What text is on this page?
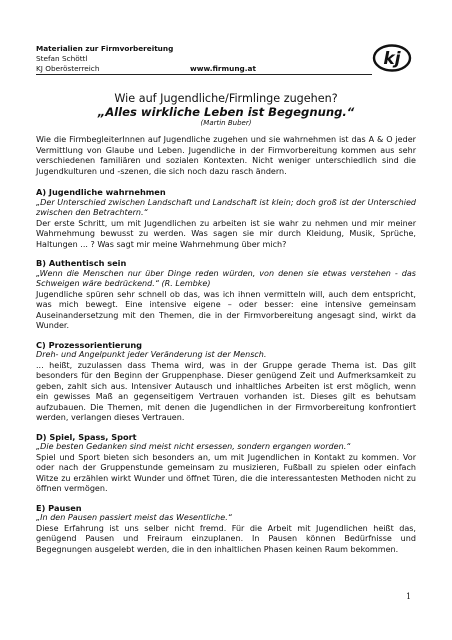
Materialien zur Firmvorbereitung
Stefan Schöttl
KJ Oberösterreich	www.firmung.at	kj
Wie auf Jugendliche/Firmlinge zugehen?
„Alles wirkliche Leben ist Begegnung.“
(Martin Buber)

Wie die FirmbegleiterInnen auf Jugendliche zugehen und sie wahrnehmen ist das A & O jeder Vermittlung von Glaube und Leben. Jugendliche in der Firmvorbereitung kommen aus sehr verschiedenen familiären und sozialen Kontexten. Nicht weniger unterschiedlich sind die Jugendkulturen und -szenen, die sich noch dazu rasch ändern.

A) Jugendliche wahrnehmen

„Der Unterschied zwischen Landschaft und Landschaft ist klein; doch groß ist der Unterschied zwischen den Betrachtern.“

Der erste Schritt, um mit Jugendlichen zu arbeiten ist sie wahr zu nehmen und mir meiner Wahrnehmung bewusst zu werden. Was sagen sie mir durch Kleidung, Musik, Sprüche, Haltungen ... ? Was sagt mir meine Wahrnehmung über mich?

B) Authentisch sein

„Wenn die Menschen nur über Dinge reden würden, von denen sie etwas verstehen - das Schweigen wäre bedrückend.“ (R. Lembke)

Jugendliche spüren sehr schnell ob das, was ich ihnen vermitteln will, auch dem entspricht, was mich bewegt. Eine intensive eigene – oder besser: eine intensive gemeinsam Auseinandersetzung mit den Themen, die in der Firmvorbereitung angesagt sind, wirkt da Wunder.

C) Prozessorientierung

Dreh- und Angelpunkt jeder Veränderung ist der Mensch.

... heißt, zuzulassen dass Thema wird, was in der Gruppe gerade Thema ist. Das gilt besonders für den Beginn der Gruppenphase. Dieser genügend Zeit und Aufmerksamkeit zu geben, zahlt sich aus. Intensiver Autausch und inhaltliches Arbeiten ist erst möglich, wenn ein gewisses Maß an gegenseitigem Vertrauen vorhanden ist. Dieses gilt es behutsam aufzubauen. Die Themen, mit denen die Jugendlichen in der Firmvorbereitung konfrontiert werden, verlangen dieses Vertrauen.

D) Spiel, Spass, Sport

„Die besten Gedanken sind meist nicht ersessen, sondern ergangen worden.“

Spiel und Sport bieten sich besonders an, um mit Jugendlichen in Kontakt zu kommen. Vor oder nach der Gruppenstunde gemeinsam zu musizieren, Fußball zu spielen oder einfach Witze zu erzählen wirkt Wunder und öffnet Türen, die die interessantesten Methoden nicht zu öffnen vermögen.

E) Pausen

„In den Pausen passiert meist das Wesentliche.“

Diese Erfahrung ist uns selber nicht fremd. Für die Arbeit mit Jugendlichen heißt das, genügend Pausen und Freiraum einzuplanen. In Pausen können Bedürfnisse und Begegnungen ausgelebt werden, die in den inhaltlichen Phasen keinen Raum bekommen.

1
